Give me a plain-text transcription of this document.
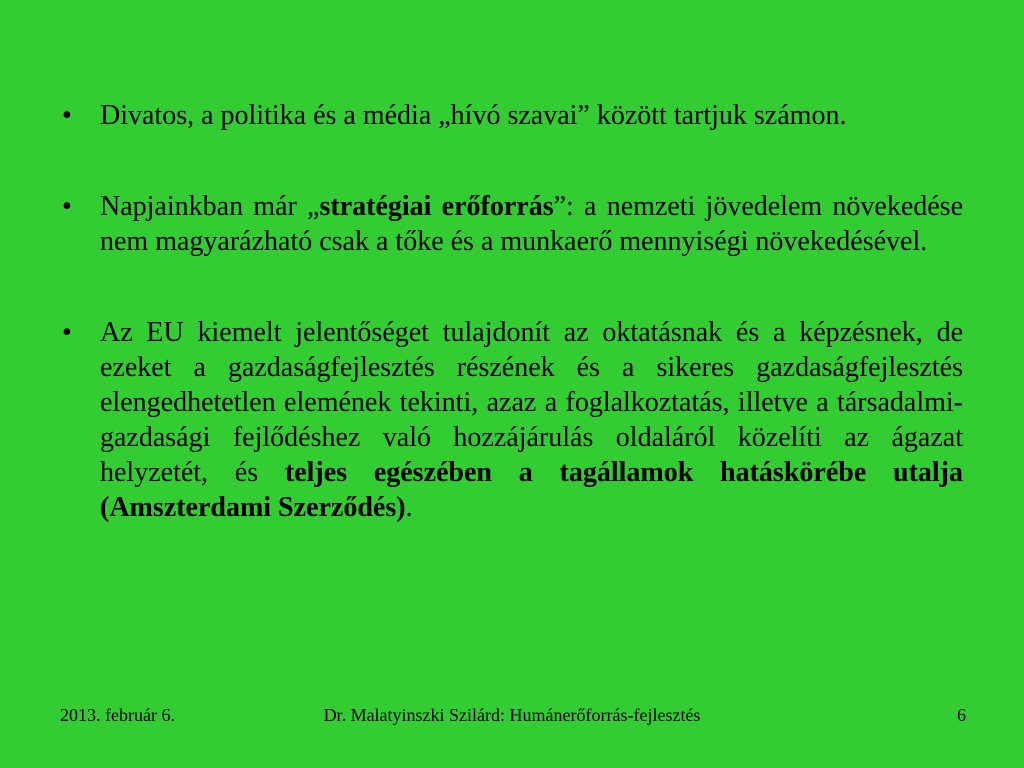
• Divatos, a politika és a média „hívó szavai” között tartjuk számon.
• Napjainkban már „stratégiai erőforrás”: a nemzeti jövedelem növekedése nem magyarázható csak a tőke és a munkaerő mennyiségi növekedésével.
• Az EU kiemelt jelentőséget tulajdonít az oktatásnak és a képzésnek, de ezeket a gazdaságfejlesztés részének és a sikeres gazdaságfejlesztés elengedhetetlen elemének tekinti, azaz a foglalkoztatás, illetve a társadalmi-gazdasági fejlődéshez való hozzájárulás oldaláról közelíti az ágazat helyzetét, és teljes egészében a tagállamok hatáskörébe utalja (Amszterdami Szerződés).
2013. február 6.	Dr. Malatyinszki Szilárd: Humánerőforrás-fejlesztés	6
